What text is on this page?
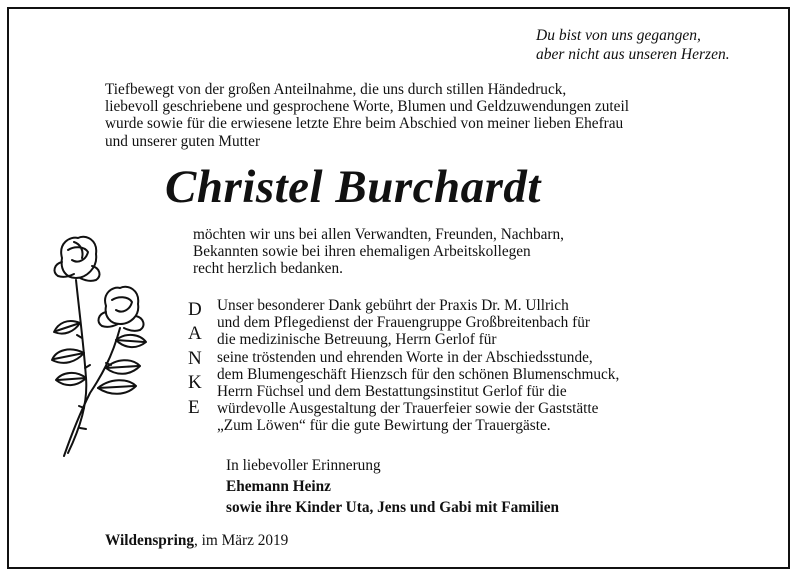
Du bist von uns gegangen,
aber nicht aus unseren Herzen.
Tiefbewegt von der großen Anteilnahme, die uns durch stillen Händedruck,
liebevoll geschriebene und gesprochene Worte, Blumen und Geldzuwendungen zuteil
wurde sowie für die erwiesene letzte Ehre beim Abschied von meiner lieben Ehefrau
und unserer guten Mutter
Christel Burchardt
möchten wir uns bei allen Verwandten, Freunden, Nachbarn,
Bekannten sowie bei ihren ehemaligen Arbeitskollegen
recht herzlich bedanken.
D
A
N
K
E
Unser besonderer Dank gebührt der Praxis Dr. M. Ullrich
und dem Pflegedienst der Frauengruppe Großbreitenbach für
die medizinische Betreuung, Herrn Gerlof für
seine tröstenden und ehrenden Worte in der Abschiedsstunde,
dem Blumengeschäft Hienzsch für den schönen Blumenschmuck,
Herrn Füchsel und dem Bestattungsinstitut Gerlof für die
würdevolle Ausgestaltung der Trauerfeier sowie der Gaststätte
„Zum Löwen“ für die gute Bewirtung der Trauergäste.
In liebevoller Erinnerung
Ehemann Heinz
sowie ihre Kinder Uta, Jens und Gabi mit Familien
Wildenspring, im März 2019
